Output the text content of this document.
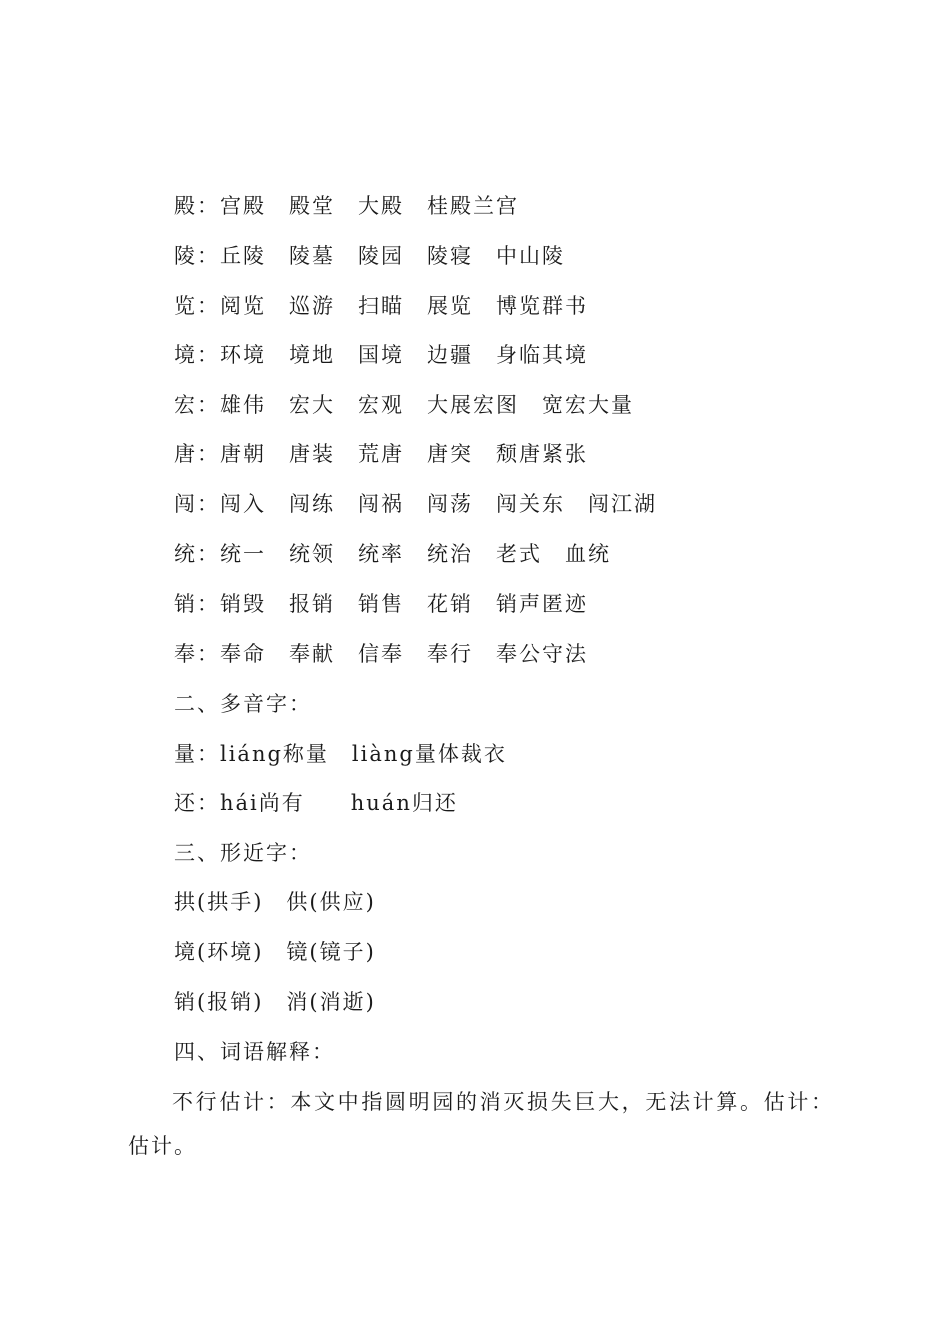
殿：宫殿　殿堂　大殿　桂殿兰宫
陵：丘陵　陵墓　陵园　陵寝　中山陵
览：阅览　巡游　扫瞄　展览　博览群书
境：环境　境地　国境　边疆　身临其境
宏：雄伟　宏大　宏观　大展宏图　宽宏大量
唐：唐朝　唐装　荒唐　唐突　颓唐紧张
闯：闯入　闯练　闯祸　闯荡　闯关东　闯江湖
统：统一　统领　统率　统治　老式　血统
销：销毁　报销　销售　花销　销声匿迹
奉：奉命　奉献　信奉　奉行　奉公守法
二、多音字：
量：liáng称量　liàng量体裁衣
还：hái尚有　　huán归还
三、形近字：
拱(拱手)　供(供应)
境(环境)　镜(镜子)
销(报销)　消(消逝)
四、词语解释：
不行估计：本文中指圆明园的消灭损失巨大，无法计算。估计：估计。
